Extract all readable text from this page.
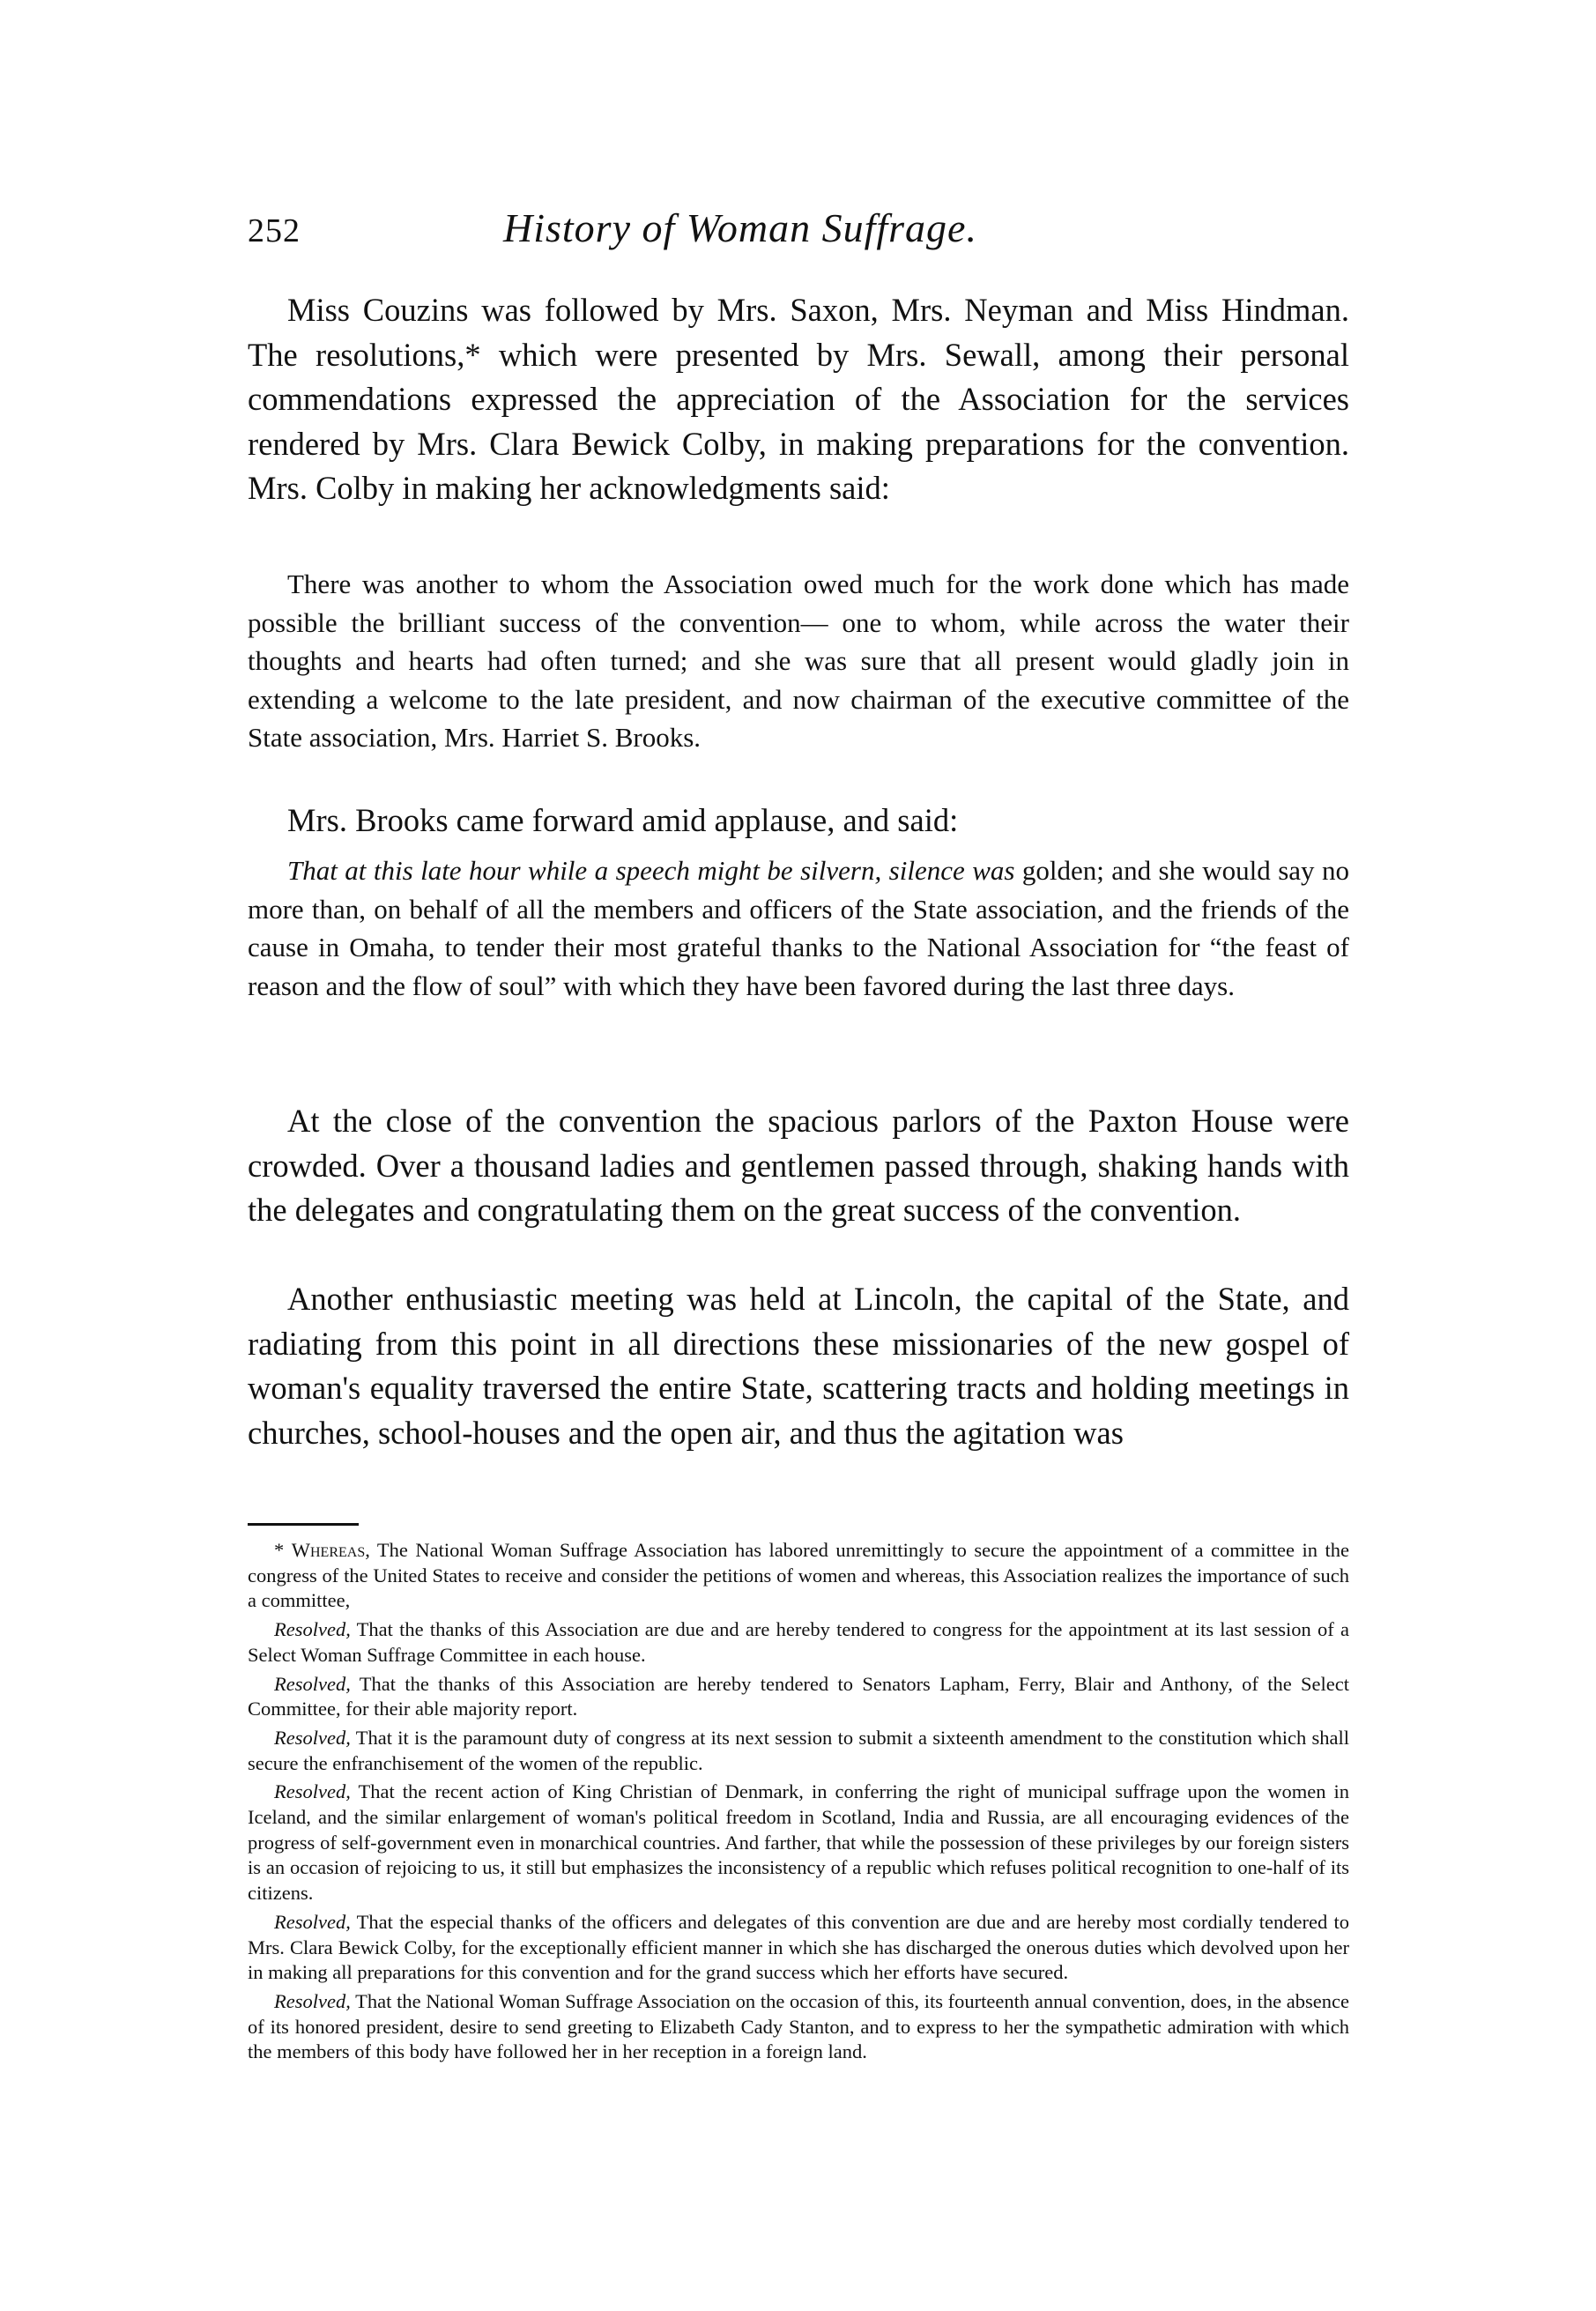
252	History of Woman Suffrage.

Miss Couzins was followed by Mrs. Saxon, Mrs. Neyman and Miss Hindman. The resolutions,* which were presented by Mrs. Sewall, among their personal commendations expressed the appreciation of the Association for the services rendered by Mrs. Clara Bewick Colby, in making preparations for the convention. Mrs. Colby in making her acknowledgments said:

There was another to whom the Association owed much for the work done which has made possible the brilliant success of the convention— one to whom, while across the water their thoughts and hearts had often turned; and she was sure that all present would gladly join in extending a welcome to the late president, and now chairman of the executive committee of the State association, Mrs. Harriet S. Brooks.

Mrs. Brooks came forward amid applause, and said:

That at this late hour while a speech might be silvern, silence was golden; and she would say no more than, on behalf of all the members and officers of the State association, and the friends of the cause in Omaha, to tender their most grateful thanks to the National Association for “the feast of reason and the flow of soul” with which they have been favored during the last three days.

At the close of the convention the spacious parlors of the Paxton House were crowded. Over a thousand ladies and gentlemen passed through, shaking hands with the delegates and congratulating them on the great success of the convention.

Another enthusiastic meeting was held at Lincoln, the capital of the State, and radiating from this point in all directions these missionaries of the new gospel of woman's equality traversed the entire State, scattering tracts and holding meetings in churches, school-houses and the open air, and thus the agitation was

* Whereas, The National Woman Suffrage Association has labored unremittingly to secure the appointment of a committee in the congress of the United States to receive and consider the petitions of women and whereas, this Association realizes the importance of such a committee,

Resolved, That the thanks of this Association are due and are hereby tendered to congress for the appointment at its last session of a Select Woman Suffrage Committee in each house.

Resolved, That the thanks of this Association are hereby tendered to Senators Lapham, Ferry, Blair and Anthony, of the Select Committee, for their able majority report.

Resolved, That it is the paramount duty of congress at its next session to submit a sixteenth amendment to the constitution which shall secure the enfranchisement of the women of the republic.

Resolved, That the recent action of King Christian of Denmark, in conferring the right of municipal suffrage upon the women in Iceland, and the similar enlargement of woman's political freedom in Scotland, India and Russia, are all encouraging evidences of the progress of self-government even in monarchical countries. And farther, that while the possession of these privileges by our foreign sisters is an occasion of rejoicing to us, it still but emphasizes the inconsistency of a republic which refuses political recognition to one-half of its citizens.

Resolved, That the especial thanks of the officers and delegates of this convention are due and are hereby most cordially tendered to Mrs. Clara Bewick Colby, for the exceptionally efficient manner in which she has discharged the onerous duties which devolved upon her in making all preparations for this convention and for the grand success which her efforts have secured.

Resolved, That the National Woman Suffrage Association on the occasion of this, its fourteenth annual convention, does, in the absence of its honored president, desire to send greeting to Elizabeth Cady Stanton, and to express to her the sympathetic admiration with which the members of this body have followed her in her reception in a foreign land.
